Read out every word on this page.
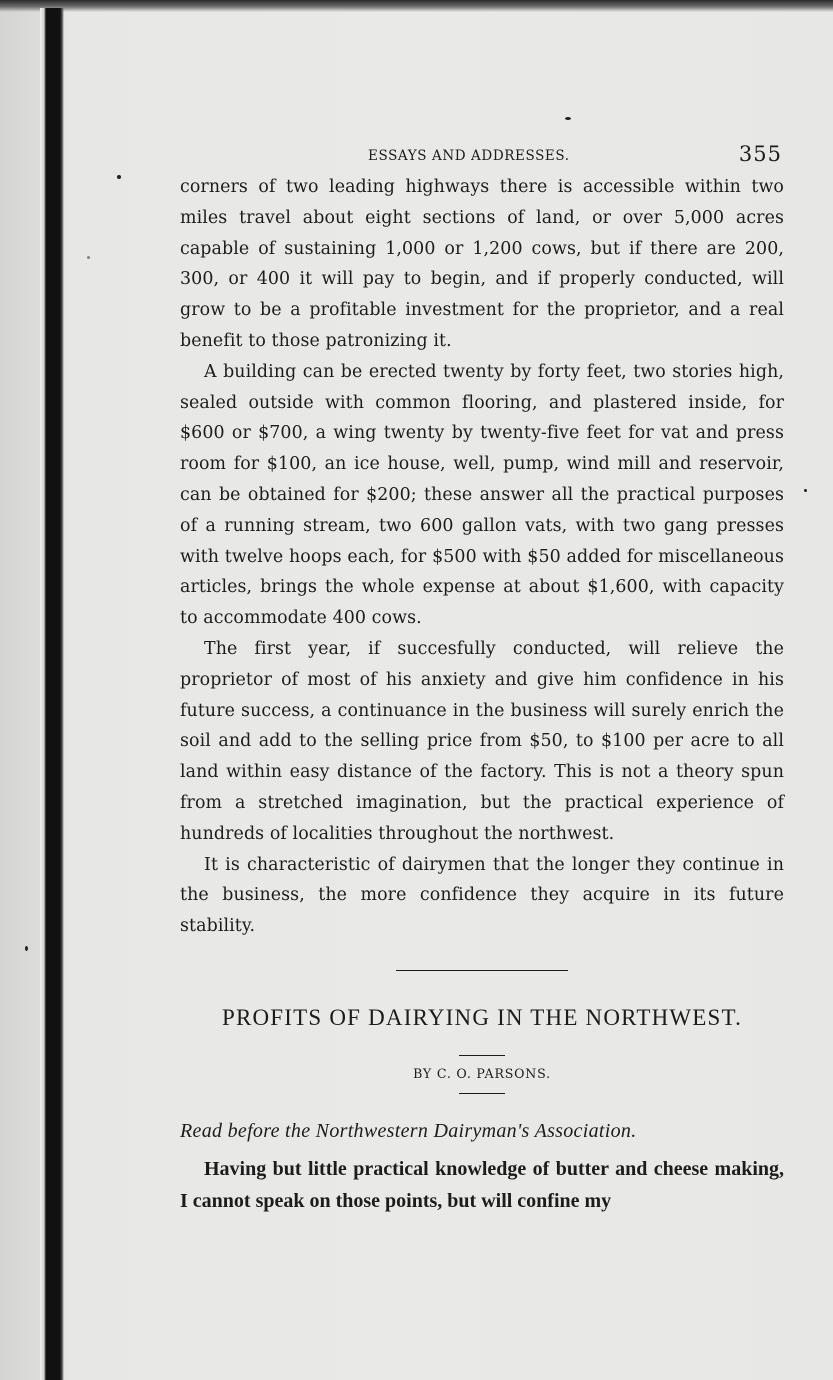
ESSAYS AND ADDRESSES.	355

corners of two leading highways there is accessible within two miles travel about eight sections of land, or over 5,000 acres capable of sustaining 1,000 or 1,200 cows, but if there are 200, 300, or 400 it will pay to begin, and if properly conducted, will grow to be a profitable investment for the proprietor, and a real benefit to those patronizing it.

A building can be erected twenty by forty feet, two stories high, sealed outside with common flooring, and plastered inside, for $600 or $700, a wing twenty by twenty-five feet for vat and press room for $100, an ice house, well, pump, wind mill and reservoir, can be obtained for $200; these answer all the practical purposes of a running stream, two 600 gallon vats, with two gang presses with twelve hoops each, for $500 with $50 added for miscellaneous articles, brings the whole expense at about $1,600, with capacity to accommodate 400 cows.

The first year, if succesfully conducted, will relieve the proprietor of most of his anxiety and give him confidence in his future success, a continuance in the business will surely enrich the soil and add to the selling price from $50, to $100 per acre to all land within easy distance of the factory. This is not a theory spun from a stretched imagination, but the practical experience of hundreds of localities throughout the northwest.

It is characteristic of dairymen that the longer they continue in the business, the more confidence they acquire in its future stability.

PROFITS OF DAIRYING IN THE NORTHWEST.
BY C. O. PARSONS.
Read before the Northwestern Dairyman's Association.

Having but little practical knowledge of butter and cheese making, I cannot speak on those points, but will confine my
